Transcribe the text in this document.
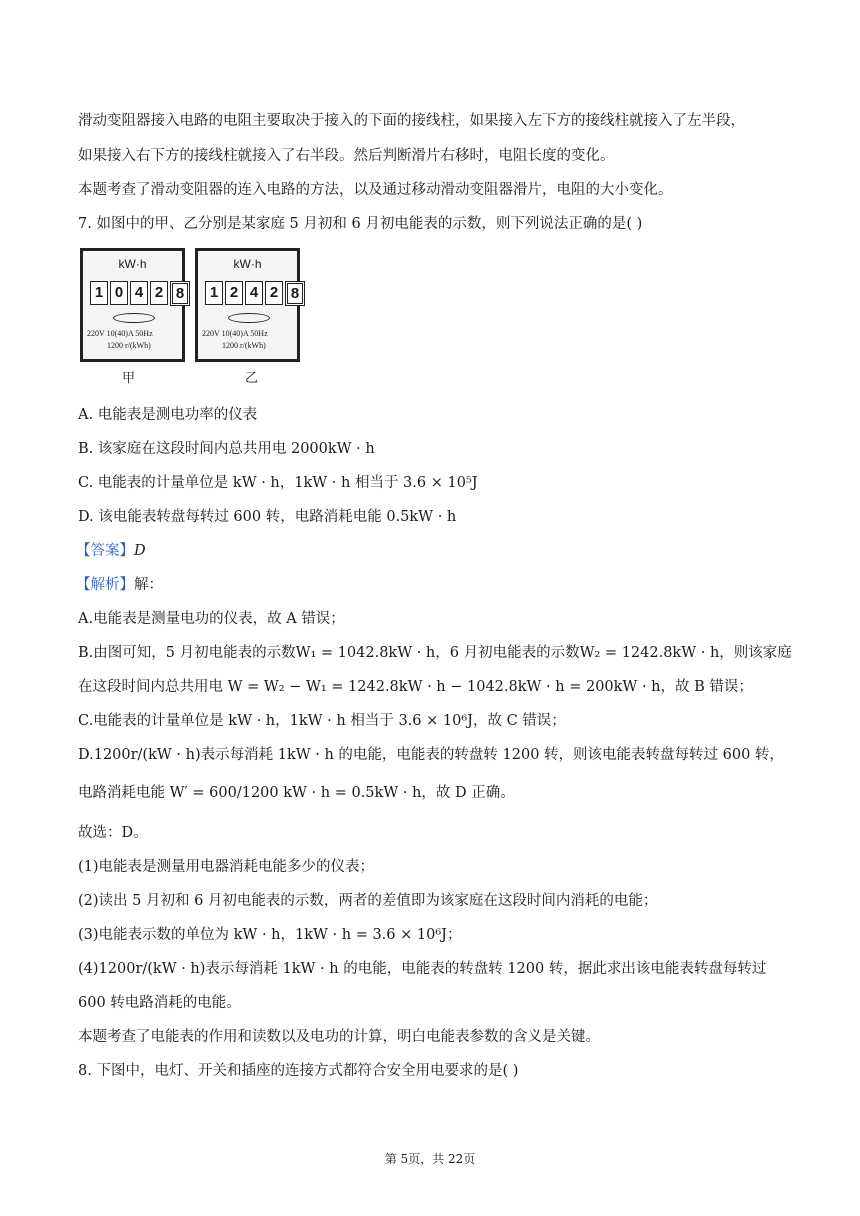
滑动变阻器接入电路的电阻主要取决于接入的下面的接线柱，如果接入左下方的接线柱就接入了左半段，
如果接入右下方的接线柱就接入了右半段。然后判断滑片右移时，电阻长度的变化。
本题考查了滑动变阻器的连入电路的方法，以及通过移动滑动变阻器滑片，电阻的大小变化。
7. 如图中的甲、乙分别是某家庭 5 月初和 6 月初电能表的示数，则下列说法正确的是( )
kW·h
1 0 4 2 8
220V 10(40)A 50Hz
1200 r/(kWh)
甲
kW·h
1 2 4 2 8
220V 10(40)A 50Hz
1200 r/(kWh)
乙
A. 电能表是测电功率的仪表
B. 该家庭在这段时间内总共用电 2000kW · h
C. 电能表的计量单位是 kW · h，1kW · h 相当于 3.6 × 10⁵J
D. 该电能表转盘每转过 600 转，电路消耗电能 0.5kW · h
【答案】D
【解析】解：
A.电能表是测量电功的仪表，故 A 错误；
B.由图可知，5 月初电能表的示数W₁ = 1042.8kW · h，6 月初电能表的示数W₂ = 1242.8kW · h，则该家庭
在这段时间内总共用电 W = W₂ − W₁ = 1242.8kW · h − 1042.8kW · h = 200kW · h，故 B 错误；
C.电能表的计量单位是 kW · h，1kW · h 相当于 3.6 × 10⁶J，故 C 错误；
D.1200r/(kW · h)表示每消耗 1kW · h 的电能，电能表的转盘转 1200 转，则该电能表转盘每转过 600 转，
电路消耗电能 W′ = 600/1200 kW · h = 0.5kW · h，故 D 正确。
故选：D。
(1)电能表是测量用电器消耗电能多少的仪表；
(2)读出 5 月初和 6 月初电能表的示数，两者的差值即为该家庭在这段时间内消耗的电能；
(3)电能表示数的单位为 kW · h，1kW · h = 3.6 × 10⁶J；
(4)1200r/(kW · h)表示每消耗 1kW · h 的电能，电能表的转盘转 1200 转，据此求出该电能表转盘每转过
600 转电路消耗的电能。
本题考查了电能表的作用和读数以及电功的计算，明白电能表参数的含义是关键。
8. 下图中，电灯、开关和插座的连接方式都符合安全用电要求的是( )
第 5页，共 22页
